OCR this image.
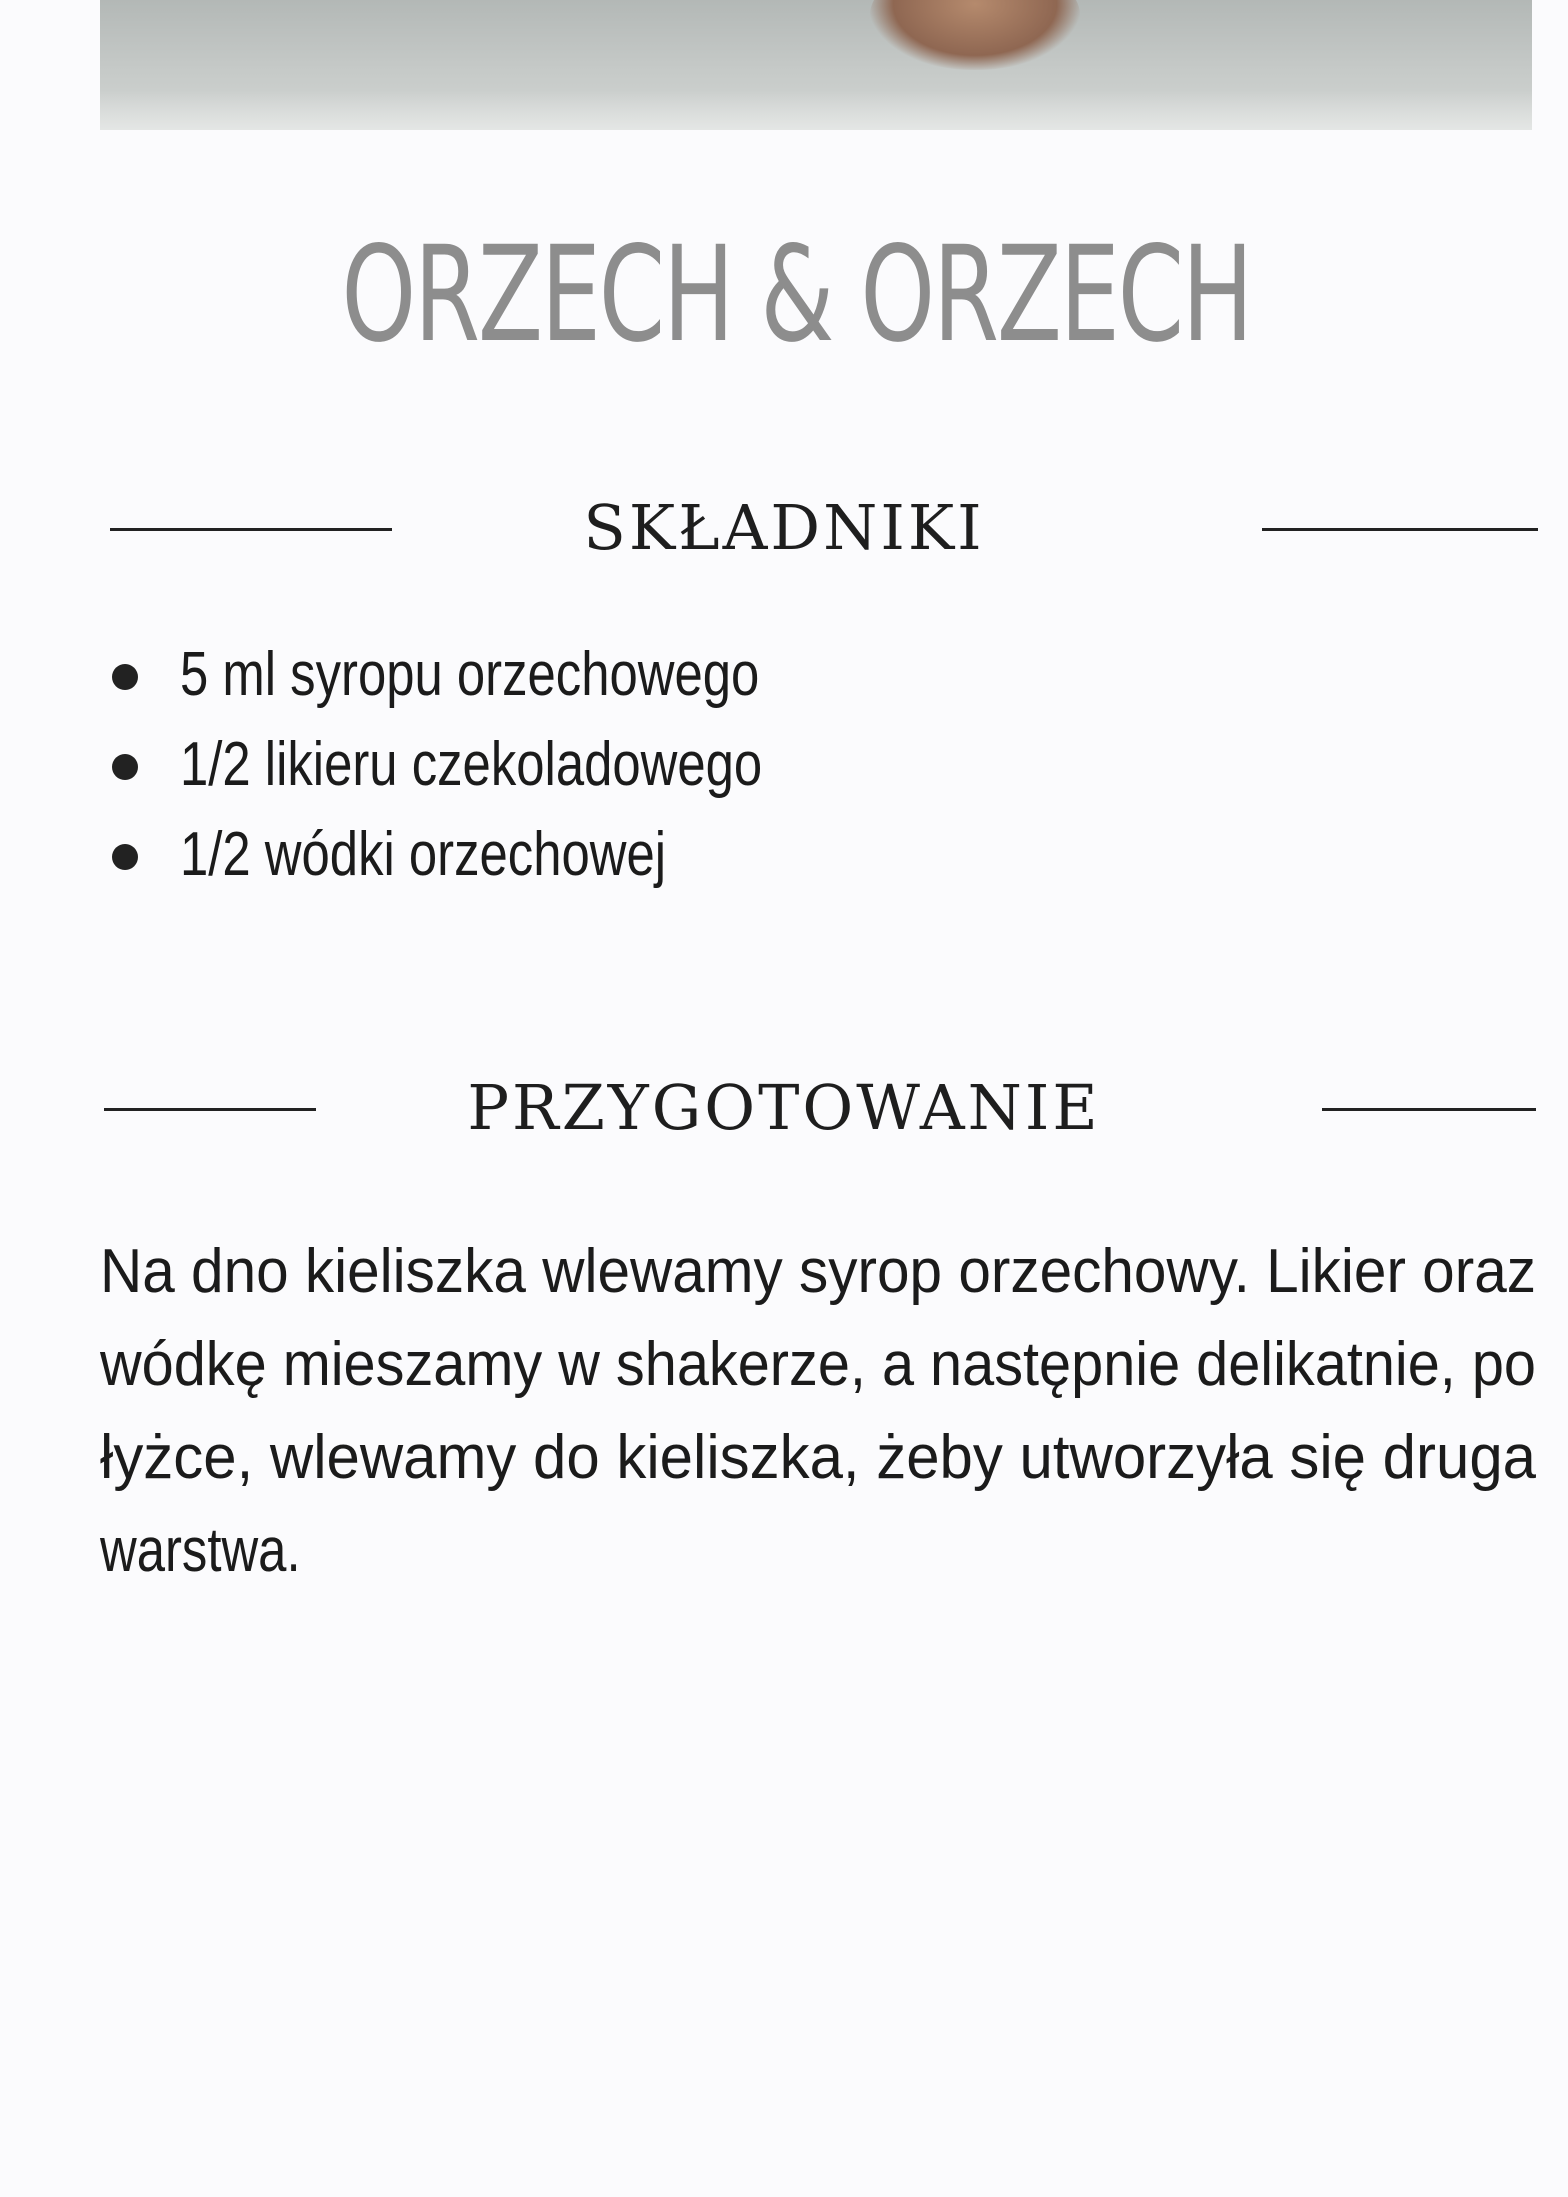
ORZECH & ORZECH
SKŁADNIKI
5 ml syropu orzechowego
1/2 likieru czekoladowego
1/2 wódki orzechowej
PRZYGOTOWANIE
Na dno kieliszka wlewamy syrop orzechowy. Likier oraz
wódkę mieszamy w shakerze, a następnie delikatnie, po
łyżce, wlewamy do kieliszka, żeby utworzyła się druga
warstwa.
